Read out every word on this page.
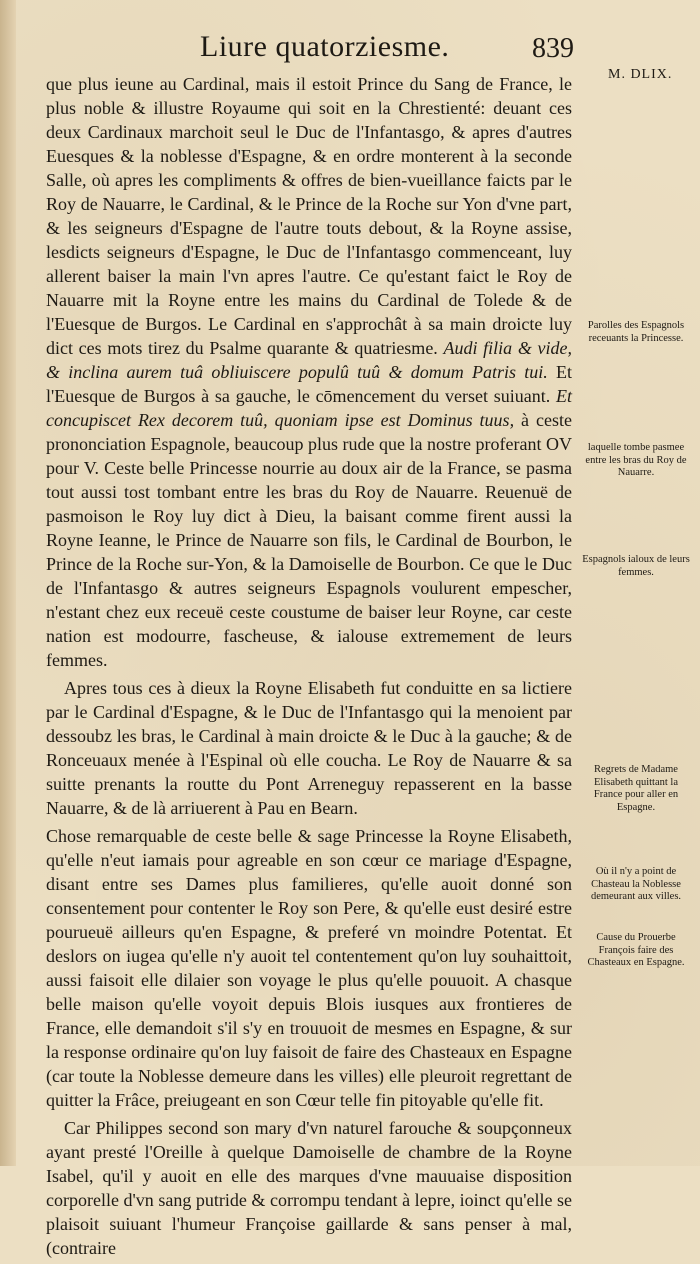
Liure quatorziesme.	839
M. DLIX.

que plus ieune au Cardinal, mais il estoit Prince du Sang de France, le plus noble & illustre Royaume qui soit en la Chrestienté: deuant ces deux Cardinaux marchoit seul le Duc de l'Infantasgo, & apres d'autres Euesques & la noblesse d'Espagne, & en ordre monterent à la seconde Salle, où apres les compliments & offres de bien-vueillance faicts par le Roy de Nauarre, le Cardinal, & le Prince de la Roche sur Yon d'vne part, & les seigneurs d'Espagne de l'autre touts debout, & la Royne assise, lesdicts seigneurs d'Espagne, le Duc de l'Infantasgo commenceant, luy allerent baiser la main l'vn apres l'autre. Ce qu'estant faict le Roy de Nauarre mit la Royne entre les mains du Cardinal de Tolede & de l'Euesque de Burgos. Le Cardinal en s'approchât à sa main droicte luy dict ces mots tirez du Psalme quarante & quatriesme. Audi filia & vide, & inclina aurem tuâ obliuiscere populû tuû & domum Patris tui. Et l'Euesque de Burgos à sa gauche, le cōmencement du verset suiuant. Et concupiscet Rex decorem tuû, quoniam ipse est Dominus tuus, à ceste prononciation Espagnole, beaucoup plus rude que la nostre proferant OV pour V. Ceste belle Princesse nourrie au doux air de la France, se pasma tout aussi tost tombant entre les bras du Roy de Nauarre. Reuenuë de pasmoison le Roy luy dict à Dieu, la baisant comme firent aussi la Royne Ieanne, le Prince de Nauarre son fils, le Cardinal de Bourbon, le Prince de la Roche sur-Yon, & la Damoiselle de Bourbon. Ce que le Duc de l'Infantasgo & autres seigneurs Espagnols voulurent empescher, n'estant chez eux receuë ceste coustume de baiser leur Royne, car ceste nation est modourre, fascheuse, & ialouse extremement de leurs femmes.

Apres tous ces à dieux la Royne Elisabeth fut conduitte en sa lictiere par le Cardinal d'Espagne, & le Duc de l'Infantasgo qui la menoient par dessoubz les bras, le Cardinal à main droicte & le Duc à la gauche; & de Ronceuaux menée à l'Espinal où elle coucha. Le Roy de Nauarre & sa suitte prenants la routte du Pont Arreneguy repasserent en la basse Nauarre, & de là arriuerent à Pau en Bearn.

Chose remarquable de ceste belle & sage Princesse la Royne Elisabeth, qu'elle n'eut iamais pour agreable en son cœur ce mariage d'Espagne, disant entre ses Dames plus familieres, qu'elle auoit donné son consentement pour contenter le Roy son Pere, & qu'elle eust desiré estre pourueuë ailleurs qu'en Espagne, & preferé vn moindre Potentat. Et deslors on iugea qu'elle n'y auoit tel contentement qu'on luy souhaittoit, aussi faisoit elle dilaier son voyage le plus qu'elle pouuoit. A chasque belle maison qu'elle voyoit depuis Blois iusques aux frontieres de France, elle demandoit s'il s'y en trouuoit de mesmes en Espagne, & sur la response ordinaire qu'on luy faisoit de faire des Chasteaux en Espagne (car toute la Noblesse demeure dans les villes) elle pleuroit regrettant de quitter la Frâce, preiugeant en son Cœur telle fin pitoyable qu'elle fit.

Car Philippes second son mary d'vn naturel farouche & soupçonneux ayant presté l'Oreille à quelque Damoiselle de chambre de la Royne Isabel, qu'il y auoit en elle des marques d'vne mauuaise disposition corporelle d'vn sang putride & corrompu tendant à lepre, ioinct qu'elle se plaisoit suiuant l'humeur Françoise gaillarde & sans penser à mal, (contraire

Parolles des Espagnols receuants la Princesse.
laquelle tombe pasmee entre les bras du Roy de Nauarre.
Espagnols ialoux de leurs femmes.
Regrets de Madame Elisabeth quittant la France pour aller en Espagne.
Où il n'y a point de Chasteau la Noblesse demeurant aux villes.
Cause du Prouerbe François faire des Chasteaux en Espagne.
